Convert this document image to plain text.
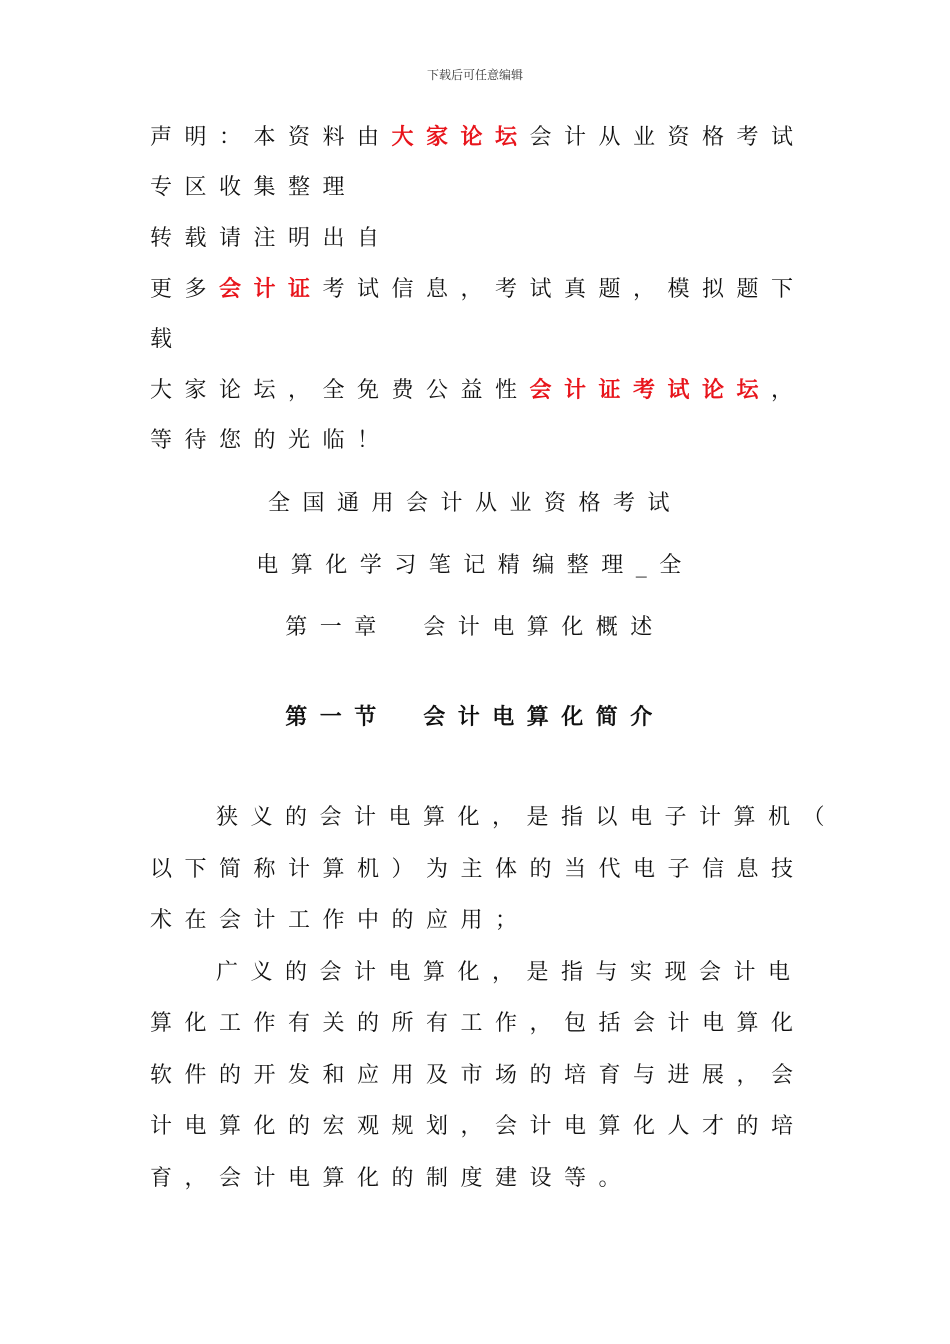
下载后可任意编辑
声明：本资料由大家论坛会计从业资格考试
专区收集整理
转载请注明出自
更多会计证考试信息，考试真题，模拟题下
载
大家论坛，全免费公益性会计证考试论坛，
等待您的光临！
全国通用会计从业资格考试
电算化学习笔记精编整理_全
第一章　会计电算化概述
第一节　会计电算化简介
狭义的会计电算化，是指以电子计算机（
以下简称计算机）为主体的当代电子信息技
术在会计工作中的应用；
广义的会计电算化，是指与实现会计电
算化工作有关的所有工作，包括会计电算化
软件的开发和应用及市场的培育与进展，会
计电算化的宏观规划，会计电算化人才的培
育，会计电算化的制度建设等。
